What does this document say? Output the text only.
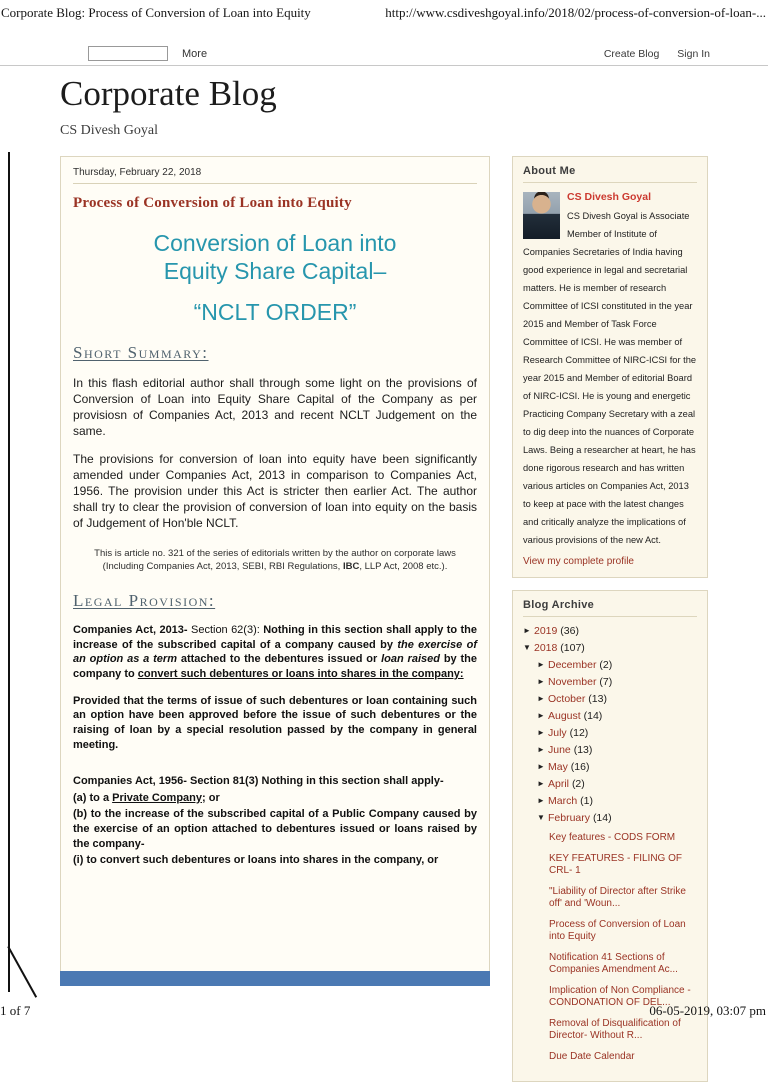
Corporate Blog: Process of Conversion of Loan into Equity	http://www.csdiveshgoyal.info/2018/02/process-of-conversion-of-loan-...
More	Create Blog Sign In
Corporate Blog
CS Divesh Goyal
Thursday, February 22, 2018
Process of Conversion of Loan into Equity
Conversion of Loan into
Equity Share Capital–
“NCLT ORDER”
Short Summary:

In this flash editorial author shall through some light on the provisions of Conversion of Loan into Equity Share Capital of the Company as per provisiosn of Companies Act, 2013 and recent NCLT Judgement on the same.

The provisions for conversion of loan into equity have been significantly amended under Companies Act, 2013 in comparison to Companies Act, 1956. The provision under this Act is stricter then earlier Act. The author shall try to clear the provision of conversion of loan into equity on the basis of Judgement of Hon'ble NCLT.

This is article no. 321 of the series of editorials written by the author on corporate laws (Including Companies Act, 2013, SEBI, RBI Regulations, IBC, LLP Act, 2008 etc.).

Legal Provision:

Companies Act, 2013- Section 62(3): Nothing in this section shall apply to the increase of the subscribed capital of a company caused by the exercise of an option as a term attached to the debentures issued or loan raised by the company to convert such debentures or loans into shares in the company:

Provided that the terms of issue of such debentures or loan containing such an option have been approved before the issue of such debentures or the raising of loan by a special resolution passed by the company in general meeting.

Companies Act, 1956- Section 81(3) Nothing in this section shall apply-

(a) to a Private Company; or

(b) to the increase of the subscribed capital of a Public Company caused by the exercise of an option attached to debentures issued or loans raised by the company-

(i) to convert such debentures or loans into shares in the company, or

About Me
CS Divesh Goyal
CS Divesh Goyal is Associate Member of Institute of Companies Secretaries of India having good experience in legal and secretarial matters. He is member of research Committee of ICSI constituted in the year 2015 and Member of Task Force Committee of ICSI. He was member of Research Committee of NIRC-ICSI for the year 2015 and Member of editorial Board of NIRC-ICSI. He is young and energetic Practicing Company Secretary with a zeal to dig deep into the nuances of Corporate Laws. Being a researcher at heart, he has done rigorous research and has written various articles on Companies Act, 2013 to keep at pace with the latest changes and critically analyze the implications of various provisions of the new Act.
View my complete profile
Blog Archive
► 2019 (36)
▼ 2018 (107)
► December (2)
► November (7)
► October (13)
► August (14)
► July (12)
► June (13)
► May (16)
► April (2)
► March (1)
▼ February (14)
Key features - CODS FORM
KEY FEATURES - FILING OF CRL- 1
"Liability of Director after Strike off' and 'Woun...
Process of Conversion of Loan into Equity
Notification 41 Sections of Companies Amendment Ac...
Implication of Non Compliance - CONDONATION OF DEL...
Removal of Disqualification of Director- Without R...
Due Date Calendar
1 of 7	06-05-2019, 03:07 pm
